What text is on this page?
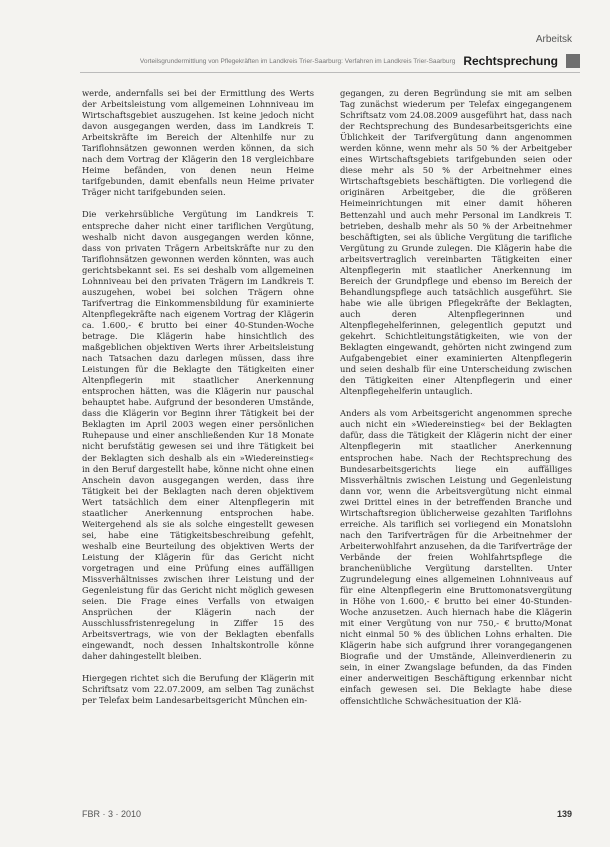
Arbeitsk
Vorteilsgrundermittlung von Pflegekräften im Landkreis Trier-Saarburg: Verfahren im Landkreis Trier-Saarburg Rechtsprechung

werde, andernfalls sei bei der Ermittlung des Werts der Arbeitsleistung vom allgemeinen Lohnniveau im Wirtschaftsgebiet auszugehen. Ist keine jedoch nicht davon ausgegangen werden, dass im Landkreis T. Arbeitskräfte im Bereich der Altenhilfe nur zu Tariflohnsätzen gewonnen werden können, da sich nach dem Vortrag der Klägerin den 18 vergleichbare Heime befänden, von denen neun Heime tarifgebunden, damit ebenfalls neun Heime privater Träger nicht tarifgebunden seien.

Die verkehrsübliche Vergütung im Landkreis T. entspreche daher nicht einer tariflichen Vergütung, weshalb nicht davon ausgegangen werden könne, dass von privaten Trägern Arbeitskräfte nur zu den Tariflohnsätzen gewonnen werden könnten, was auch gerichtsbekannt sei. Es sei deshalb vom allgemeinen Lohnniveau bei den privaten Trägern im Landkreis T. auszugehen, wobei bei solchen Trägern ohne Tarifvertrag die Einkommensbildung für examinierte Altenpflegekräfte nach eigenem Vortrag der Klägerin ca. 1.600,- € brutto bei einer 40-Stunden-Woche betrage. Die Klägerin habe hinsichtlich des maßgeblichen objektiven Werts ihrer Arbeitsleistung nach Tatsachen dazu darlegen müssen, dass ihre Leistungen für die Beklagte den Tätigkeiten einer Altenpflegerin mit staatlicher Anerkennung entsprochen hätten, was die Klägerin nur pauschal behauptet habe. Aufgrund der besonderen Umstände, dass die Klägerin vor Beginn ihrer Tätigkeit bei der Beklagten im April 2003 wegen einer persönlichen Ruhepause und einer anschließenden Kur 18 Monate nicht berufstätig gewesen sei und ihre Tätigkeit bei der Beklagten sich deshalb als ein »Wiedereinstieg« in den Beruf dargestellt habe, könne nicht ohne einen Anschein davon ausgegangen werden, dass ihre Tätigkeit bei der Beklagten nach deren objektivem Wert tatsächlich dem einer Altenpflegerin mit staatlicher Anerkennung entsprochen habe. Weitergehend als sie als solche eingestellt gewesen sei, habe eine Tätigkeitsbeschreibung gefehlt, weshalb eine Beurteilung des objektiven Werts der Leistung der Klägerin für das Gericht nicht vorgetragen und eine Prüfung eines auffälligen Missverhältnisses zwischen ihrer Leistung und der Gegenleistung für das Gericht nicht möglich gewesen seien. Die Frage eines Verfalls von etwaigen Ansprüchen der Klägerin nach der Ausschlussfristenregelung in Ziffer 15 des Arbeitsvertrags, wie von der Beklagten ebenfalls eingewandt, noch dessen Inhaltskontrolle könne daher dahingestellt bleiben.

Hiergegen richtet sich die Berufung der Klägerin mit Schriftsatz vom 22.07.2009, am selben Tag zunächst per Telefax beim Landesarbeitsgericht München ein-

gegangen, zu deren Begründung sie mit am selben Tag zunächst wiederum per Telefax eingegangenem Schriftsatz vom 24.08.2009 ausgeführt hat, dass nach der Rechtsprechung des Bundesarbeitsgerichts eine Üblichkeit der Tarifvergütung dann angenommen werden könne, wenn mehr als 50 % der Arbeitgeber eines Wirtschaftsgebiets tarifgebunden seien oder diese mehr als 50 % der Arbeitnehmer eines Wirtschaftsgebiets beschäftigten. Die vorliegend die originären Arbeitgeber, die die größeren Heimeinrichtungen mit einer damit höheren Bettenzahl und auch mehr Personal im Landkreis T. betrieben, deshalb mehr als 50 % der Arbeitnehmer beschäftigten, sei als übliche Vergütung die tarifliche Vergütung zu Grunde zulegen. Die Klägerin habe die arbeitsvertraglich vereinbarten Tätigkeiten einer Altenpflegerin mit staatlicher Anerkennung im Bereich der Grundpflege und ebenso im Bereich der Behandlungspflege auch tatsächlich ausgeführt. Sie habe wie alle übrigen Pflegekräfte der Beklagten, auch deren Altenpflegerinnen und Altenpflegehelferinnen, gelegentlich geputzt und gekehrt. Schichtleitungstätigkeiten, wie von der Beklagten eingewandt, gehörten nicht zwingend zum Aufgabengebiet einer examinierten Altenpflegerin und seien deshalb für eine Unterscheidung zwischen den Tätigkeiten einer Altenpflegerin und einer Altenpflegehelferin untauglich.

Anders als vom Arbeitsgericht angenommen spreche auch nicht ein »Wiedereinstieg« bei der Beklagten dafür, dass die Tätigkeit der Klägerin nicht der einer Altenpflegerin mit staatlicher Anerkennung entsprochen habe. Nach der Rechtsprechung des Bundesarbeitsgerichts liege ein auffälliges Missverhältnis zwischen Leistung und Gegenleistung dann vor, wenn die Arbeitsvergütung nicht einmal zwei Drittel eines in der betreffenden Branche und Wirtschaftsregion üblicherweise gezahlten Tariflohns erreiche. Als tariflich sei vorliegend ein Monatslohn nach den Tarifverträgen für die Arbeitnehmer der Arbeiterwohlfahrt anzusehen, da die Tarifverträge der Verbände der freien Wohlfahrtspflege die branchenübliche Vergütung darstellten. Unter Zugrundelegung eines allgemeinen Lohnniveaus auf für eine Altenpflegerin eine Bruttomonatsvergütung in Höhe von 1.600,- € brutto bei einer 40-Stunden-Woche anzusetzen. Auch hiernach habe die Klägerin mit einer Vergütung von nur 750,- € brutto/Monat nicht einmal 50 % des üblichen Lohns erhalten. Die Klägerin habe sich aufgrund ihrer vorangegangenen Biografie und der Umstände, Alleinverdienerin zu sein, in einer Zwangslage befunden, da das Finden einer anderweitigen Beschäftigung erkennbar nicht einfach gewesen sei. Die Beklagte habe diese offensichtliche Schwächesituation der Klä-

FBR · 3 · 2010	139
